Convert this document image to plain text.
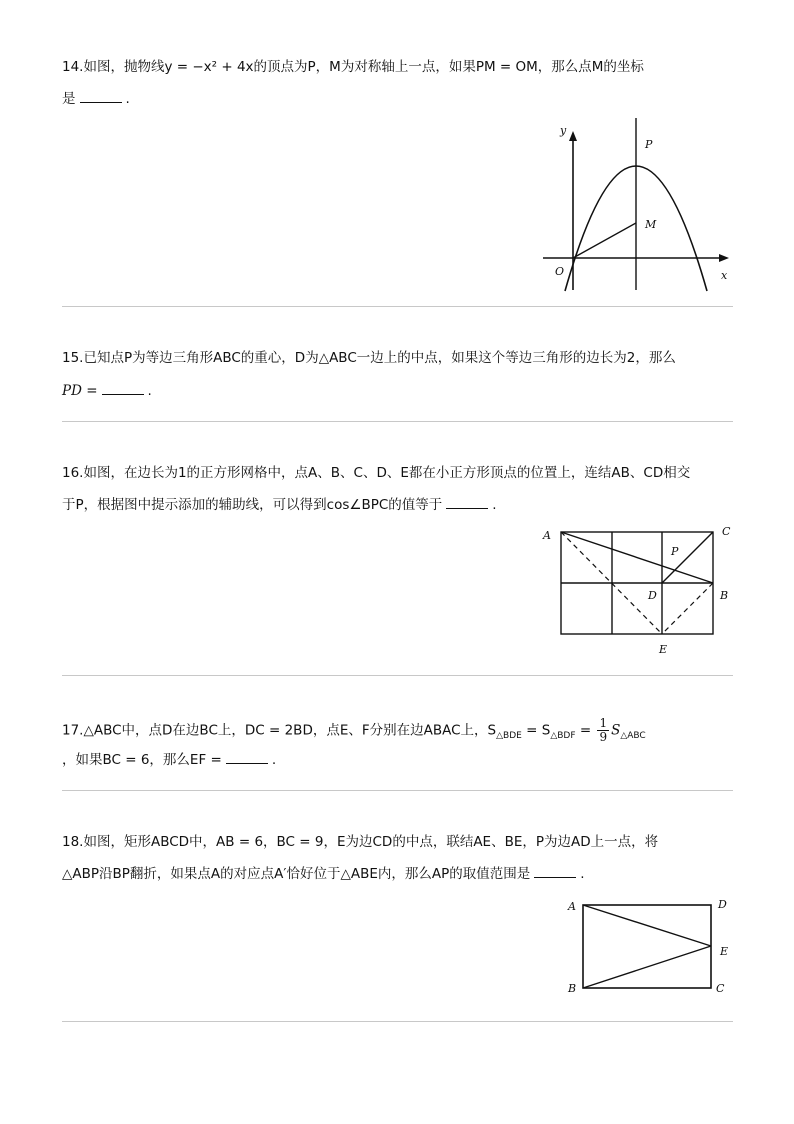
14.如图，抛物线y = −x² + 4x的顶点为P，M为对称轴上一点，如果PM = OM，那么点M的坐标
是	.
y
x
O
P
M
15.已知点P为等边三角形ABC的重心，D为△ABC一边上的中点，如果这个等边三角形的边长为2，那么
PD =	.
16.如图，在边长为1的正方形网格中，点A、B、C、D、E都在小正方形顶点的位置上，连结AB、CD相交
于P，根据图中提示添加的辅助线，可以得到cos∠BPC的值等于	.
A	C
B
P
D
E
17.△ABC中，点D在边BC上，DC = 2BD，点E、F分别在边ABAC上，$S_{\triangle BDE} = S_{\triangle BDF} = \frac{1}{9} S_{\triangle ABC}$
，如果BC = 6，那么EF =	.
18.如图，矩形ABCD中，AB = 6，BC = 9，E为边CD的中点，联结AE、BE，P为边AD上一点，将
△ABP沿BP翻折，如果点A的对应点A′恰好位于△ABE内，那么AP的取值范围是	.
A	D
E
B	C
